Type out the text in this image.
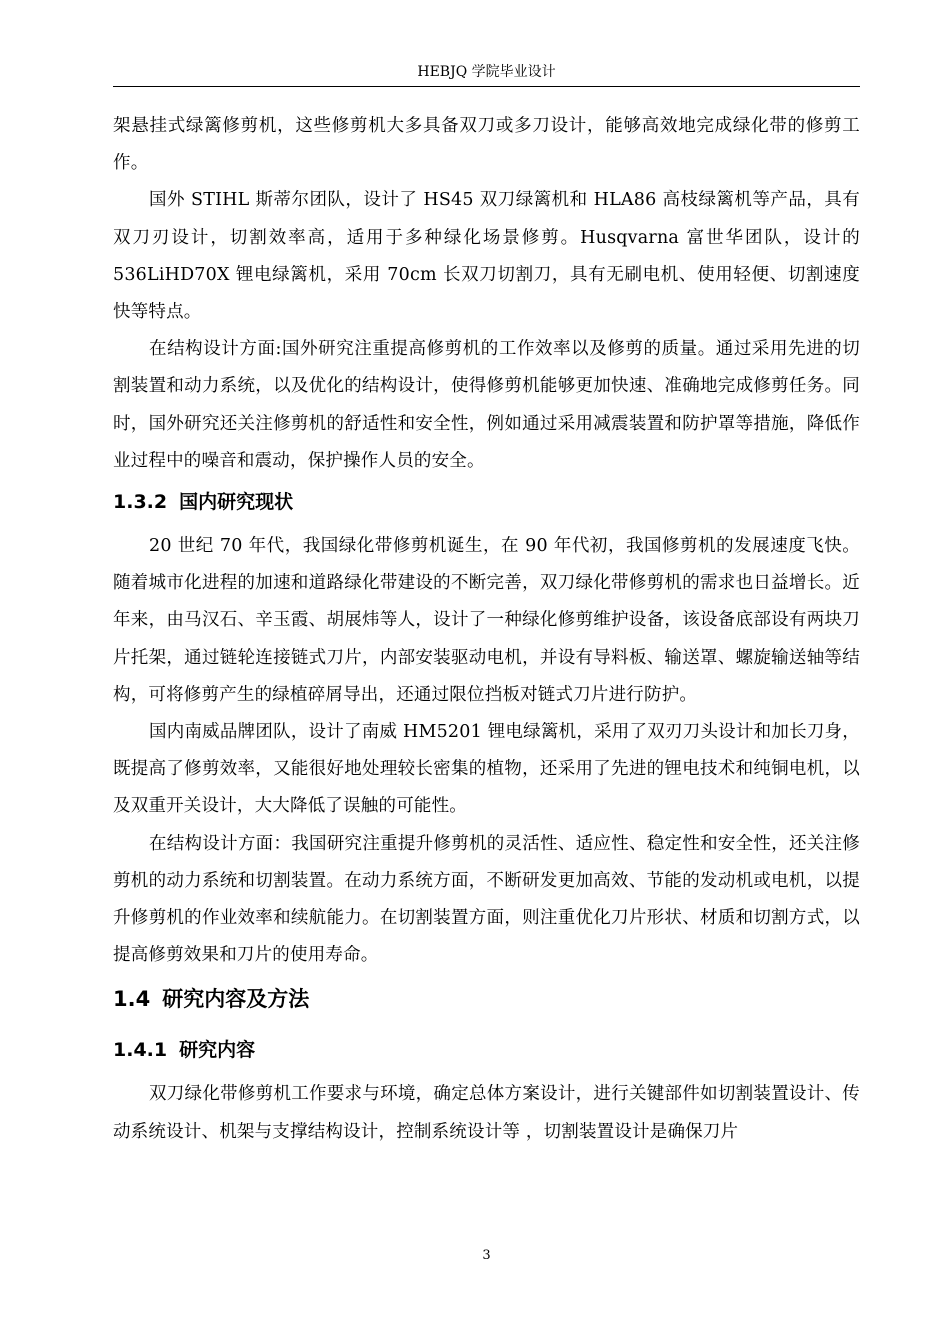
HEBJQ 学院毕业设计

架悬挂式绿篱修剪机，这些修剪机大多具备双刀或多刀设计，能够高效地完成绿化带的修剪工作。

国外 STIHL 斯蒂尔团队，设计了 HS45 双刀绿篱机和 HLA86 高枝绿篱机等产品，具有双刀刃设计，切割效率高，适用于多种绿化场景修剪。Husqvarna 富世华团队，设计的 536LiHD70X 锂电绿篱机，采用 70cm 长双刀切割刀，具有无刷电机、使用轻便、切割速度快等特点。

在结构设计方面:国外研究注重提高修剪机的工作效率以及修剪的质量。通过采用先进的切割装置和动力系统，以及优化的结构设计，使得修剪机能够更加快速、准确地完成修剪任务。同时，国外研究还关注修剪机的舒适性和安全性，例如通过采用减震装置和防护罩等措施，降低作业过程中的噪音和震动，保护操作人员的安全。

1.3.2 国内研究现状

20 世纪 70 年代，我国绿化带修剪机诞生，在 90 年代初，我国修剪机的发展速度飞快。随着城市化进程的加速和道路绿化带建设的不断完善，双刀绿化带修剪机的需求也日益增长。近年来，由马汉石、辛玉霞、胡展炜等人，设计了一种绿化修剪维护设备，该设备底部设有两块刀片托架，通过链轮连接链式刀片，内部安装驱动电机，并设有导料板、输送罩、螺旋输送轴等结构，可将修剪产生的绿植碎屑导出，还通过限位挡板对链式刀片进行防护。

国内南威品牌团队，设计了南威 HM5201 锂电绿篱机，采用了双刃刀头设计和加长刀身，既提高了修剪效率，又能很好地处理较长密集的植物，还采用了先进的锂电技术和纯铜电机，以及双重开关设计，大大降低了误触的可能性。

在结构设计方面：我国研究注重提升修剪机的灵活性、适应性、稳定性和安全性，还关注修剪机的动力系统和切割装置。在动力系统方面，不断研发更加高效、节能的发动机或电机，以提升修剪机的作业效率和续航能力。在切割装置方面，则注重优化刀片形状、材质和切割方式，以提高修剪效果和刀片的使用寿命。

1.4 研究内容及方法
1.4.1 研究内容

双刀绿化带修剪机工作要求与环境，确定总体方案设计，进行关键部件如切割装置设计、传动系统设计、机架与支撑结构设计，控制系统设计等 ，切割装置设计是确保刀片

3
